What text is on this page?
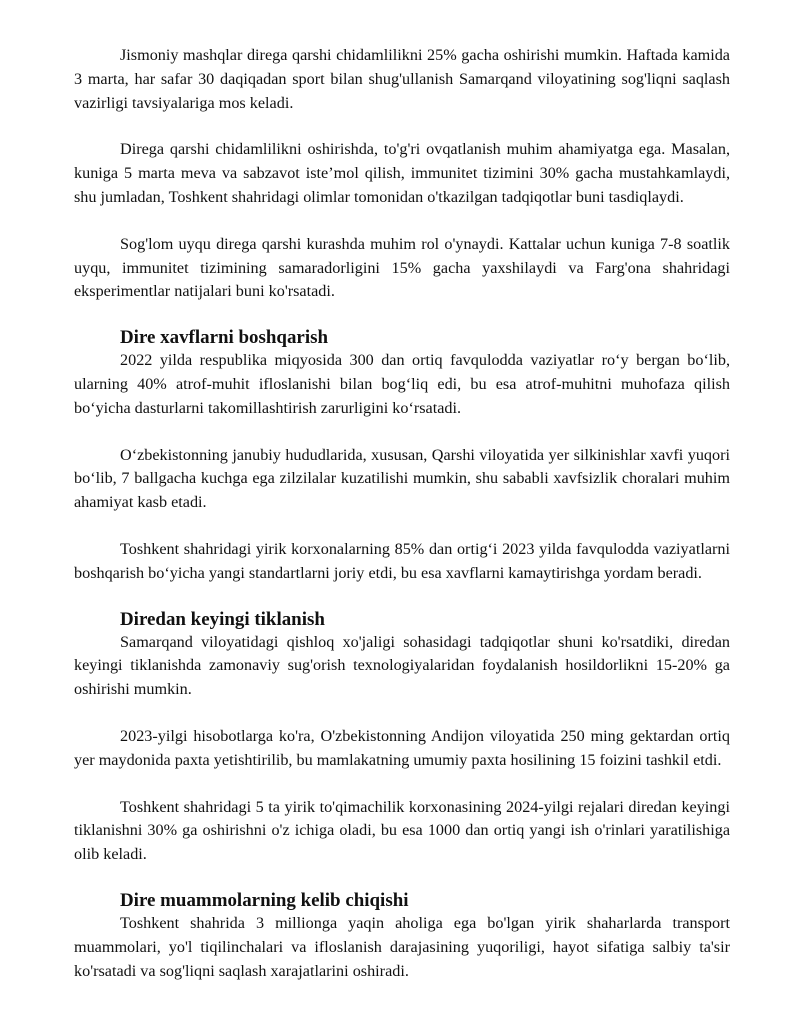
Jismoniy mashqlar direga qarshi chidamlilikni 25% gacha oshirishi mumkin. Haftada kamida 3 marta, har safar 30 daqiqadan sport bilan shug'ullanish Samarqand viloyatining sog'liqni saqlash vazirligi tavsiyalariga mos keladi.

Direga qarshi chidamlilikni oshirishda, to'g'ri ovqatlanish muhim ahamiyatga ega. Masalan, kuniga 5 marta meva va sabzavot iste’mol qilish, immunitet tizimini 30% gacha mustahkamlaydi, shu jumladan, Toshkent shahridagi olimlar tomonidan o'tkazilgan tadqiqotlar buni tasdiqlaydi.

Sog'lom uyqu direga qarshi kurashda muhim rol o'ynaydi. Kattalar uchun kuniga 7-8 soatlik uyqu, immunitet tizimining samaradorligini 15% gacha yaxshilaydi va Farg'ona shahridagi eksperimentlar natijalari buni ko'rsatadi.

Dire xavflarni boshqarish

2022 yilda respublika miqyosida 300 dan ortiq favqulodda vaziyatlar ro‘y bergan bo‘lib, ularning 40% atrof-muhit ifloslanishi bilan bog‘liq edi, bu esa atrof-muhitni muhofaza qilish bo‘yicha dasturlarni takomillashtirish zarurligini ko‘rsatadi.

O‘zbekistonning janubiy hududlarida, xususan, Qarshi viloyatida yer silkinishlar xavfi yuqori bo‘lib, 7 ballgacha kuchga ega zilzilalar kuzatilishi mumkin, shu sababli xavfsizlik choralari muhim ahamiyat kasb etadi.

Toshkent shahridagi yirik korxonalarning 85% dan ortig‘i 2023 yilda favqulodda vaziyatlarni boshqarish bo‘yicha yangi standartlarni joriy etdi, bu esa xavflarni kamaytirishga yordam beradi.

Diredan keyingi tiklanish

Samarqand viloyatidagi qishloq xo'jaligi sohasidagi tadqiqotlar shuni ko'rsatdiki, diredan keyingi tiklanishda zamonaviy sug'orish texnologiyalaridan foydalanish hosildorlikni 15-20% ga oshirishi mumkin.

2023-yilgi hisobotlarga ko'ra, O'zbekistonning Andijon viloyatida 250 ming gektardan ortiq yer maydonida paxta yetishtirilib, bu mamlakatning umumiy paxta hosilining 15 foizini tashkil etdi.

Toshkent shahridagi 5 ta yirik to'qimachilik korxonasining 2024-yilgi rejalari diredan keyingi tiklanishni 30% ga oshirishni o'z ichiga oladi, bu esa 1000 dan ortiq yangi ish o'rinlari yaratilishiga olib keladi.

Dire muammolarning kelib chiqishi

Toshkent shahrida 3 millionga yaqin aholiga ega bo'lgan yirik shaharlarda transport muammolari, yo'l tiqilinchalari va ifloslanish darajasining yuqoriligi, hayot sifatiga salbiy ta'sir ko'rsatadi va sog'liqni saqlash xarajatlarini oshiradi.
